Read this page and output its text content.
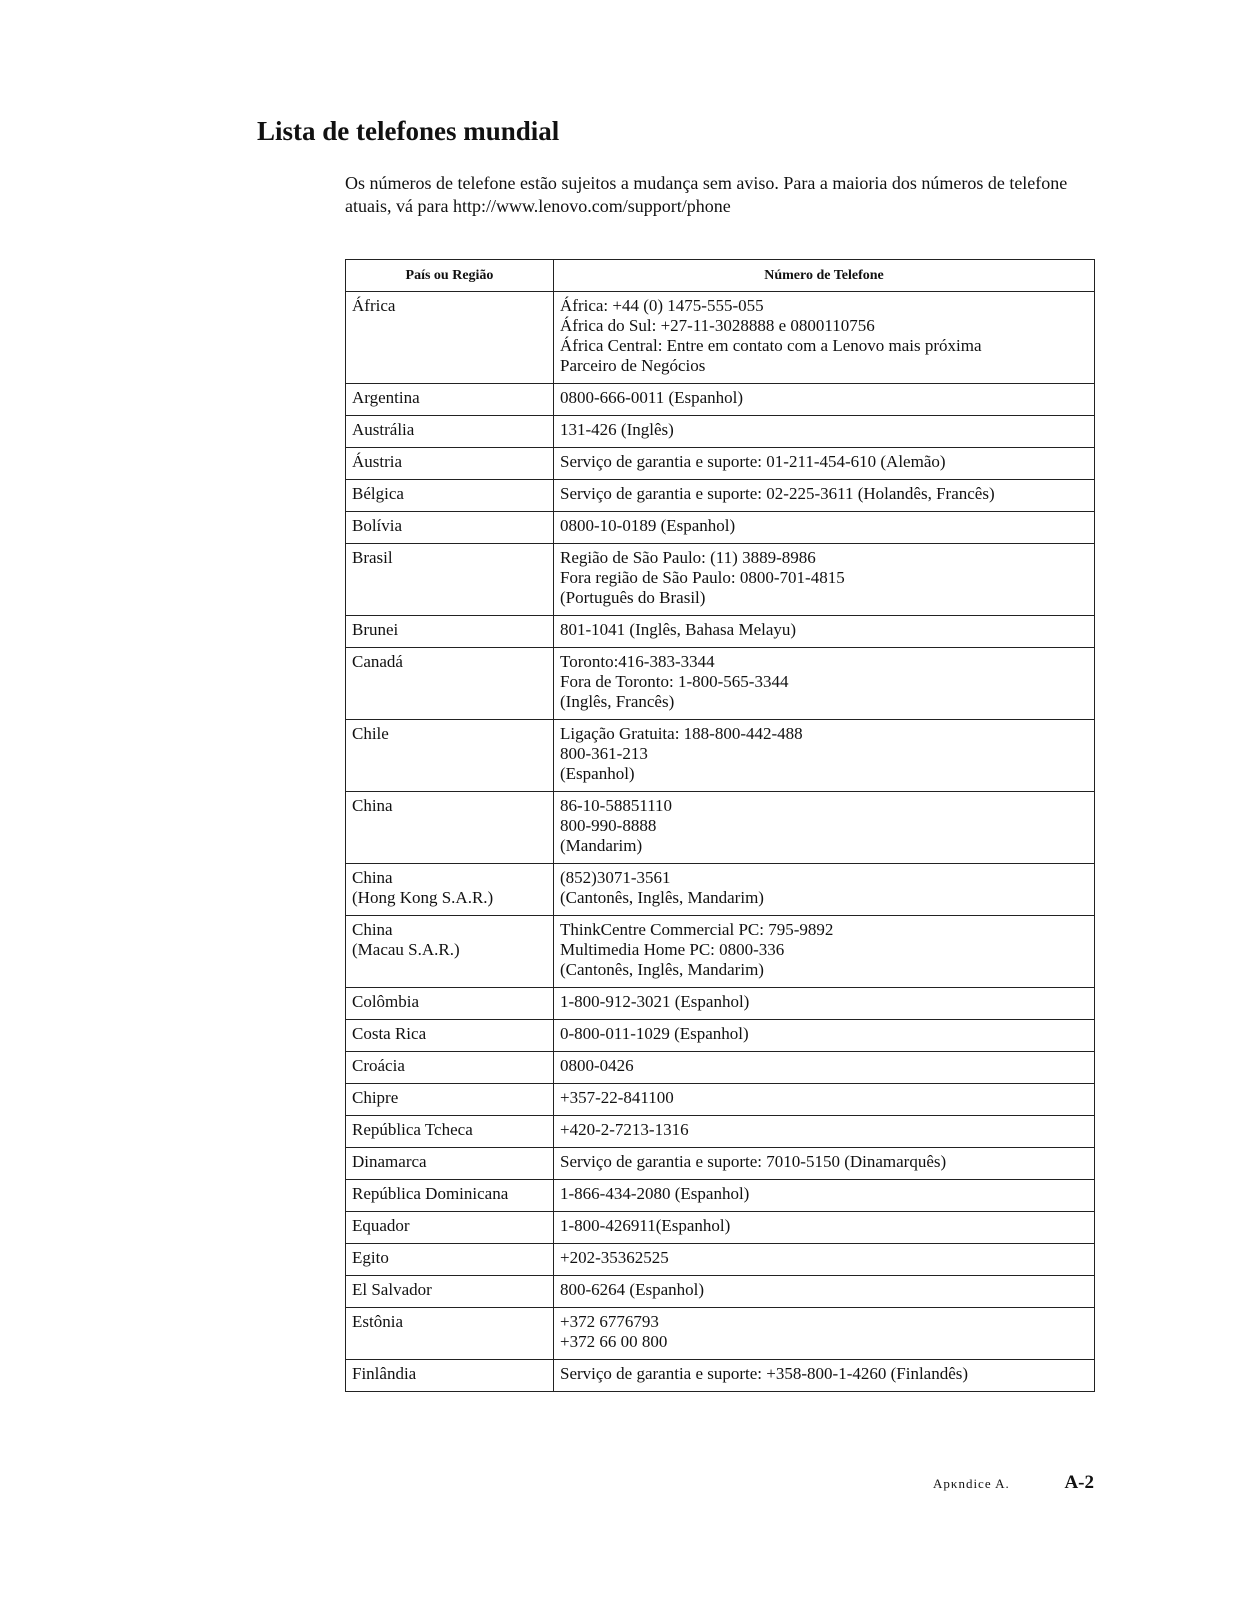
Lista de telefones mundial

Os números de telefone estão sujeitos a mudança sem aviso. Para a maioria dos números de telefone atuais, vá para http://www.lenovo.com/support/phone

País ou Região	Número de Telefone

África	África: +44 (0) 1475-555-055
África do Sul: +27-11-3028888 e 0800110756
África Central: Entre em contato com a Lenovo mais próxima
Parceiro de Negócios

Argentina	0800-666-0011 (Espanhol)

Austrália	131-426 (Inglês)

Áustria	Serviço de garantia e suporte: 01-211-454-610 (Alemão)

Bélgica	Serviço de garantia e suporte: 02-225-3611 (Holandês, Francês)

Bolívia	0800-10-0189 (Espanhol)

Brasil	Região de São Paulo: (11) 3889-8986
Fora região de São Paulo: 0800-701-4815
(Português do Brasil)

Brunei	801-1041 (Inglês, Bahasa Melayu)

Canadá	Toronto:416-383-3344
Fora de Toronto: 1-800-565-3344
(Inglês, Francês)

Chile	Ligação Gratuita: 188-800-442-488
800-361-213
(Espanhol)

China	86-10-58851110
800-990-8888
(Mandarim)

China
(Hong Kong S.A.R.)	(852)3071-3561
(Cantonês, Inglês, Mandarim)

China
(Macau S.A.R.)	ThinkCentre Commercial PC: 795-9892
Multimedia Home PC: 0800-336
(Cantonês, Inglês, Mandarim)

Colômbia	1-800-912-3021 (Espanhol)

Costa Rica	0-800-011-1029 (Espanhol)

Croácia	0800-0426

Chipre	+357-22-841100

República Tcheca	+420-2-7213-1316

Dinamarca	Serviço de garantia e suporte: 7010-5150 (Dinamarquês)

República Dominicana	1-866-434-2080 (Espanhol)

Equador	1-800-426911(Espanhol)

Egito	+202-35362525

El Salvador	800-6264 (Espanhol)

Estônia	+372 6776793
+372 66 00 800

Finlândia	Serviço de garantia e suporte: +358-800-1-4260 (Finlandês)
Apκndice A.	A-2
